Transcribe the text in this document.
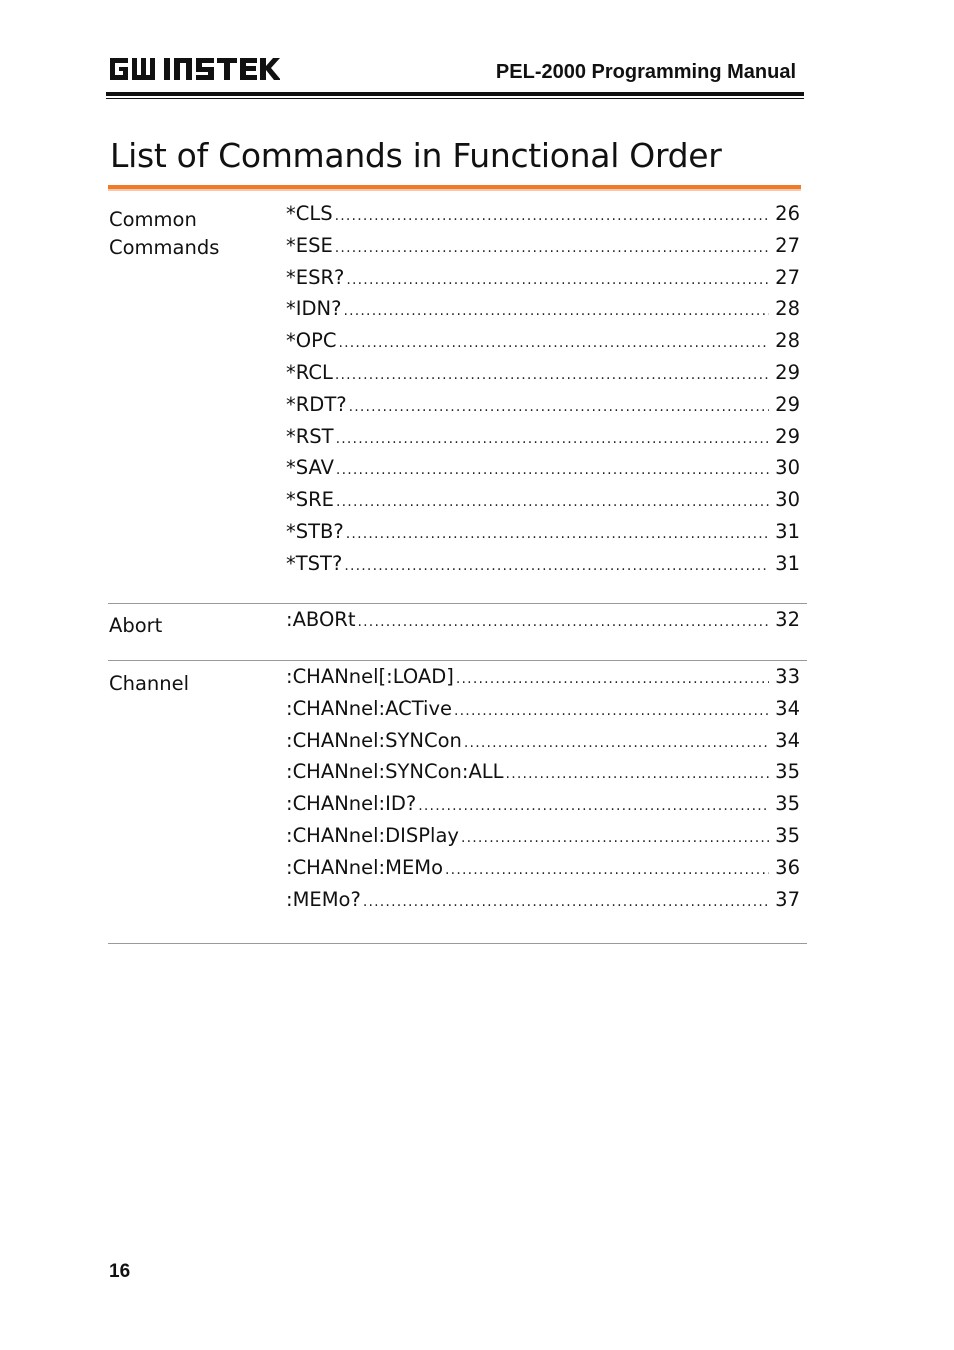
PEL-2000 Programming Manual
List of Commands in Functional Order
Common
Commands
*CLS .....	26
*ESE .....	27
*ESR? .....	27
*IDN? .....	28
*OPC .....	28
*RCL .....	29
*RDT? .....	29
*RST .....	29
*SAV .....	30
*SRE .....	30
*STB? .....	31
*TST? .....	31
Abort	:ABORt .....	32
Channel	:CHANnel[:LOAD] .....	33
:CHANnel:ACTive .....	34
:CHANnel:SYNCon .....	34
:CHANnel:SYNCon:ALL .....	35
:CHANnel:ID? .....	35
:CHANnel:DISPlay .....	35
:CHANnel:MEMo .....	36
:MEMo? .....	37
16
